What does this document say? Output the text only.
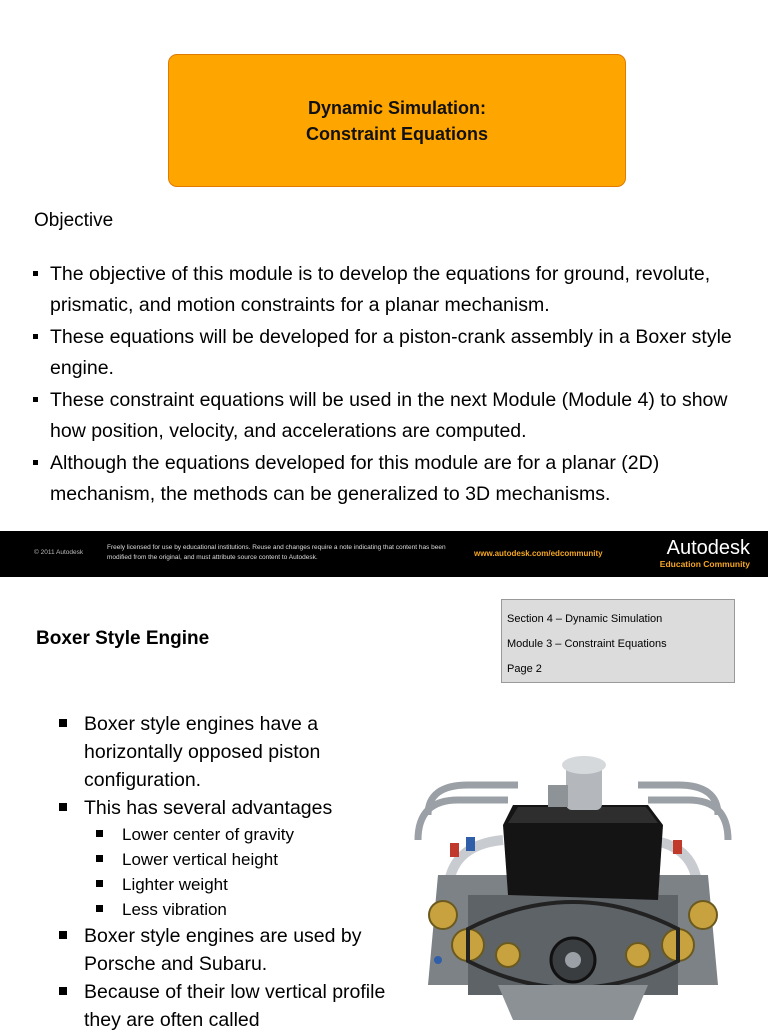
Dynamic Simulation:
Constraint Equations
Objective
The objective of this module is to develop the equations for ground, revolute, prismatic, and motion constraints for a planar mechanism.
These equations will be developed for a piston-crank assembly in a Boxer style engine.
These constraint equations will be used in the next Module (Module 4) to show how position, velocity, and accelerations are computed.
Although the equations developed for this module are for a planar (2D) mechanism, the methods can be generalized to 3D mechanisms.
© 2011 Autodesk
Freely licensed for use by educational institutions. Reuse and changes require a note indicating that content has been modified from the original, and must attribute source content to Autodesk.	www.autodesk.com/edcommunity	Autodesk
Education Community
Boxer Style Engine
Section 4 – Dynamic Simulation
Module 3 – Constraint Equations
Page 2
Boxer style engines have a horizontally opposed piston configuration.
This has several advantages
Lower center of gravity
Lower vertical height
Lighter weight
Less vibration
Boxer style engines are used by Porsche and Subaru.
Because of their low vertical profile they are often called
